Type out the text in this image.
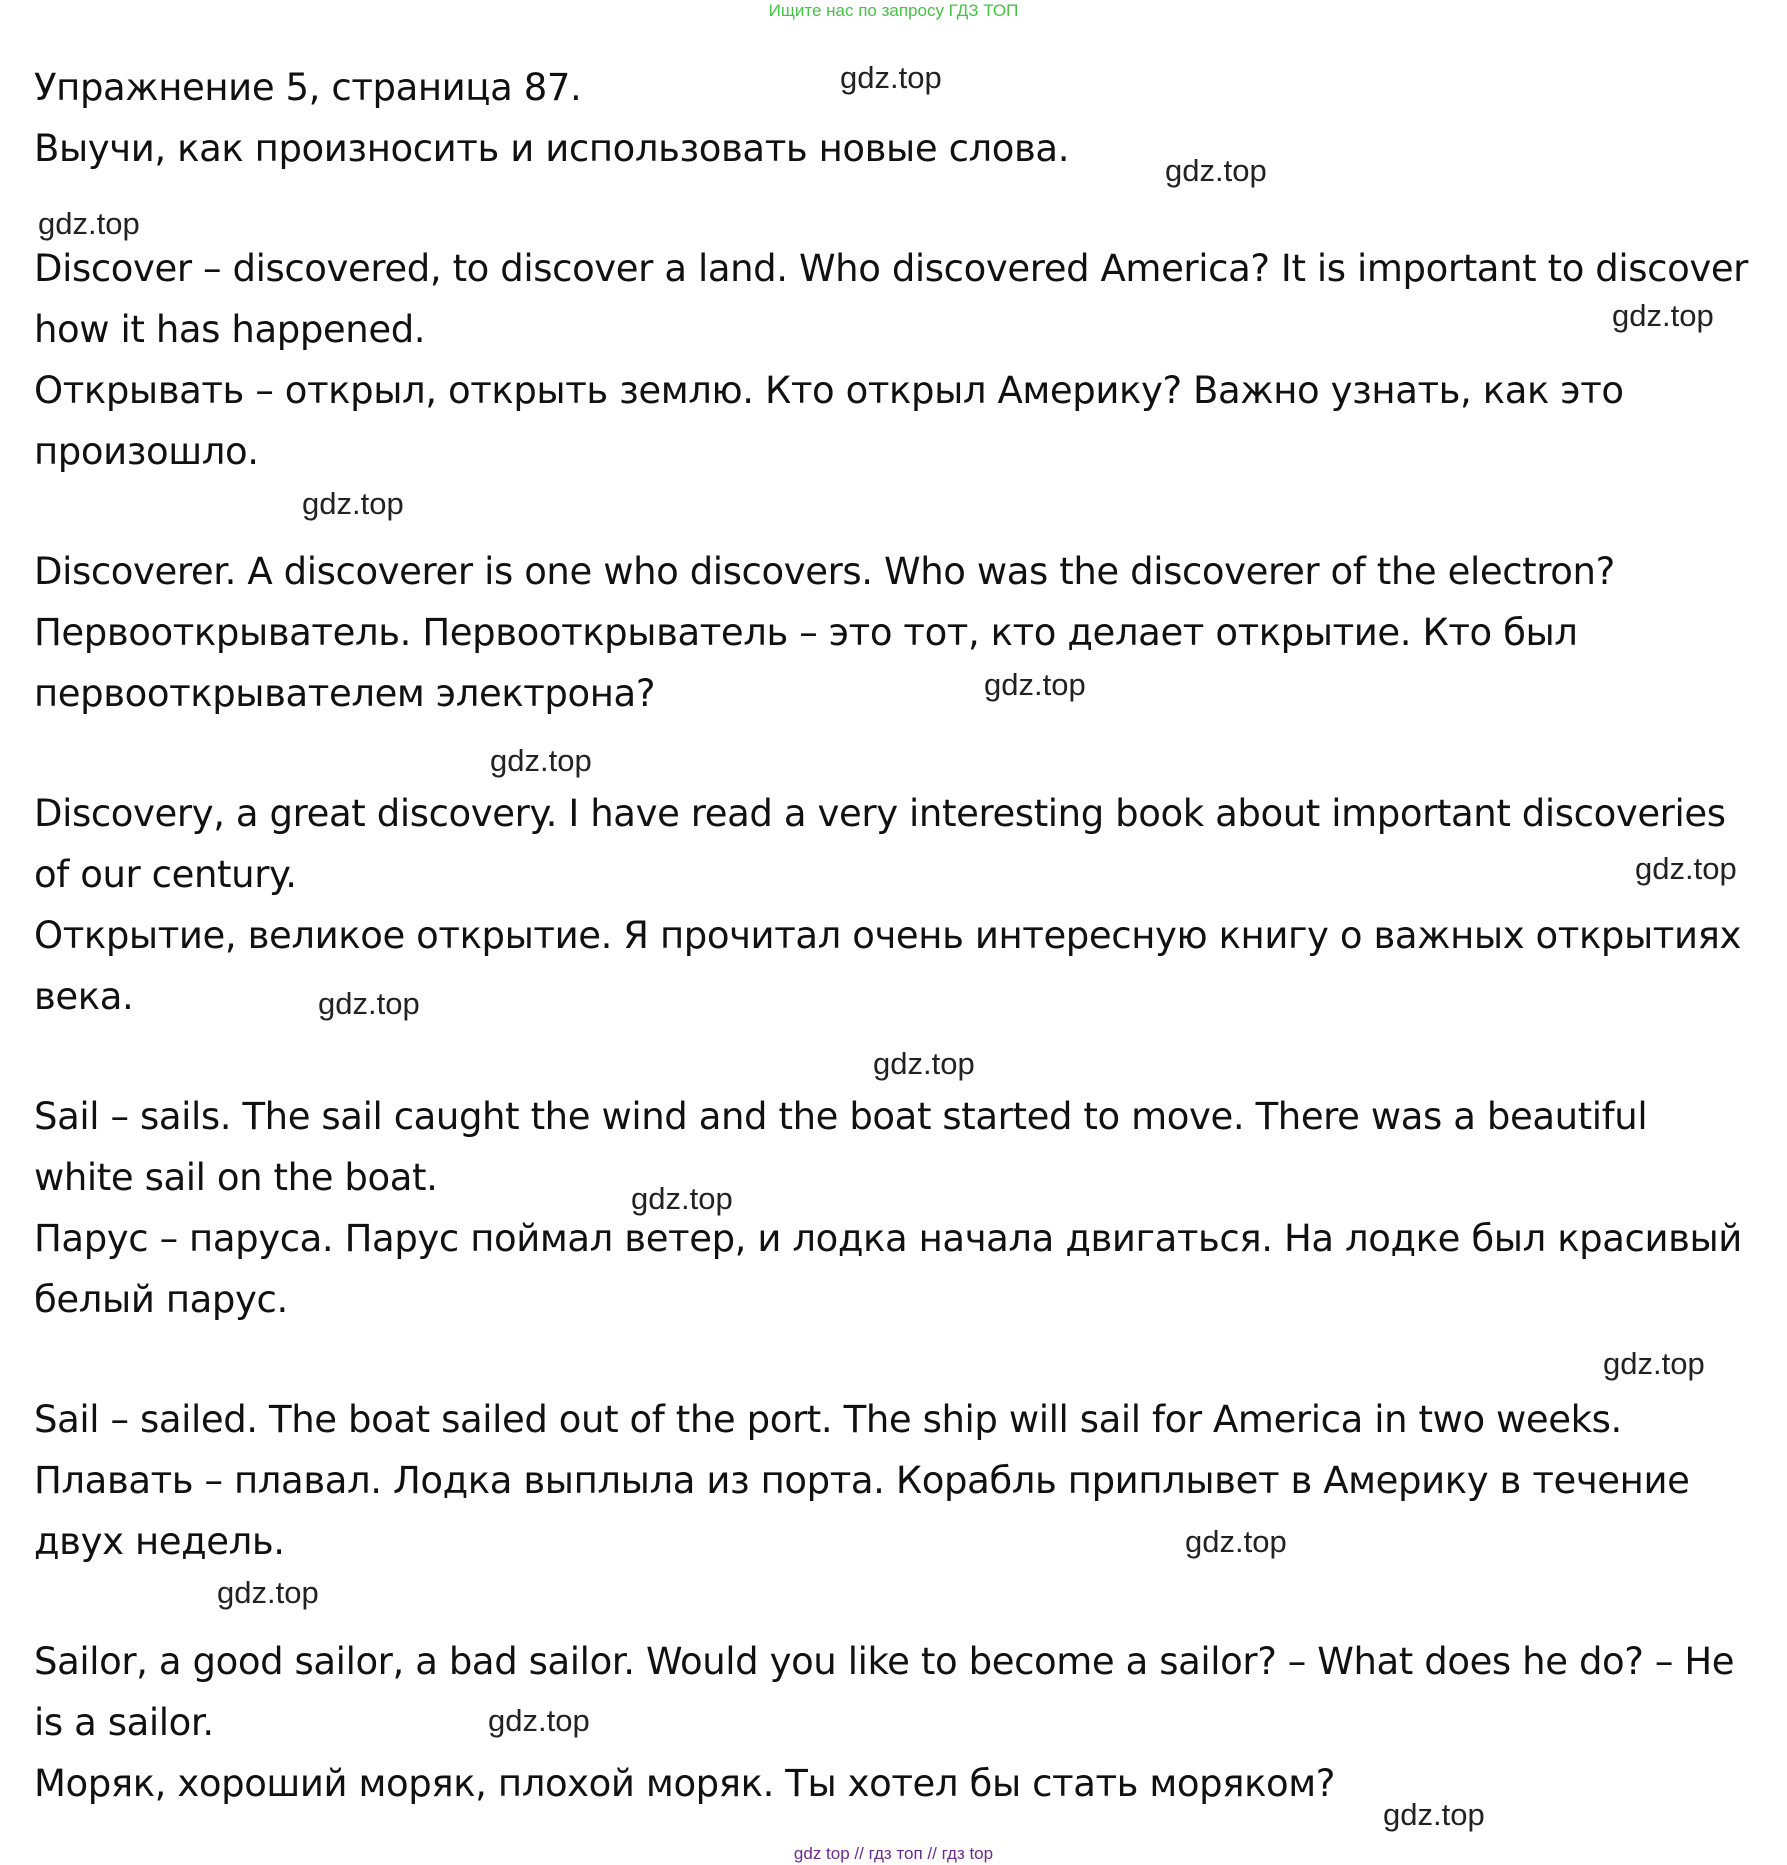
Ищите нас по запросу ГДЗ ТОП

Упражнение 5, страница 87.

Выучи, как произносить и использовать новые слова.

Discover – discovered, to discover a land. Who discovered America? It is important to discover how it has happened.

Открывать – открыл, открыть землю. Кто открыл Америку? Важно узнать, как это произошло.

Discoverer. A discoverer is one who discovers. Who was the discoverer of the electron?

Первооткрыватель. Первооткрыватель – это тот, кто делает открытие. Кто был первооткрывателем электрона?

Discovery, a great discovery. I have read a very interesting book about important discoveries of our century.

Открытие, великое открытие. Я прочитал очень интересную книгу о важных открытиях века.

Sail – sails. The sail caught the wind and the boat started to move. There was a beautiful white sail on the boat.

Парус – паруса. Парус поймал ветер, и лодка начала двигаться. На лодке был красивый белый парус.

Sail – sailed. The boat sailed out of the port. The ship will sail for America in two weeks.

Плавать – плавал. Лодка выплыла из порта. Корабль приплывет в Америку в течение двух недель.

Sailor, a good sailor, a bad sailor. Would you like to become a sailor? – What does he do? – He is a sailor.

Моряк, хороший моряк, плохой моряк. Ты хотел бы стать моряком?

gdz.top
gdz.top
gdz.top
gdz.top
gdz.top
gdz.top
gdz.top
gdz.top
gdz.top
gdz.top
gdz.top
gdz.top
gdz.top
gdz.top
gdz.top
gdz.top
gdz top // гдз топ // гдз top
